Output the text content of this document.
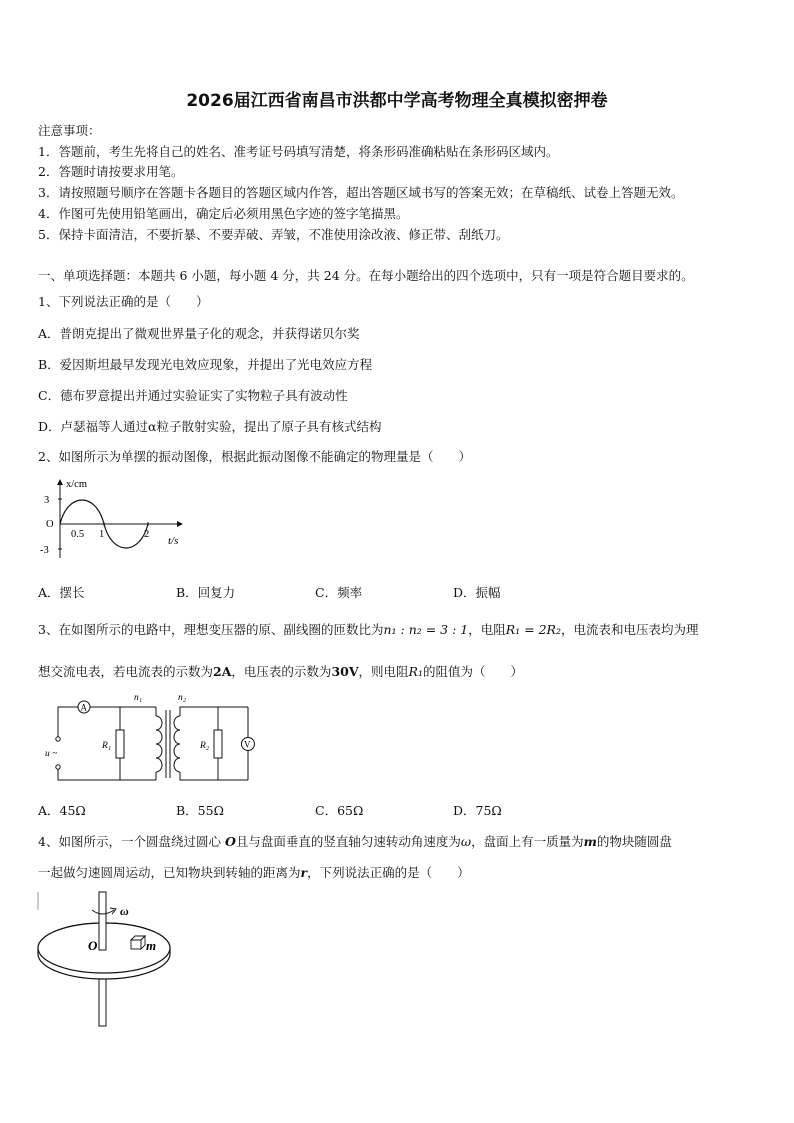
2026届江西省南昌市洪都中学高考物理全真模拟密押卷
注意事项：
1．答题前，考生先将自己的姓名、准考证号码填写清楚，将条形码准确粘贴在条形码区域内。
2．答题时请按要求用笔。
3．请按照题号顺序在答题卡各题目的答题区域内作答，超出答题区域书写的答案无效；在草稿纸、试卷上答题无效。
4．作图可先使用铅笔画出，确定后必须用黑色字迹的签字笔描黑。
5．保持卡面清洁，不要折暴、不要弄破、弄皱，不准使用涂改液、修正带、刮纸刀。
一、单项选择题：本题共 6 小题，每小题 4 分，共 24 分。在每小题给出的四个选项中，只有一项是符合题目要求的。
1、下列说法正确的是（　　）
A．普朗克提出了微观世界量子化的观念，并获得诺贝尔奖
B．爱因斯坦最早发现光电效应现象，并提出了光电效应方程
C．德布罗意提出并通过实验证实了实物粒子具有波动性
D．卢瑟福等人通过α粒子散射实验，提出了原子具有核式结构
2、如图所示为单摆的振动图像，根据此振动图像不能确定的物理量是（　　）
x/cm
3
O
-3
0.5 1	2
t/s
A．摆长	B．回复力	C．频率	D．振幅
3、在如图所示的电路中，理想变压器的原、副线圈的匝数比为n₁ : n₂ = 3 : 1，电阻R₁ = 2R₂，电流表和电压表均为理
想交流电表，若电流表的示数为2A，电压表的示数为30V，则电阻R₁的阻值为（　　）
A
V
n₁	n₂
R₁	R₂
u ~
A．45Ω	B．55Ω	C．65Ω	D．75Ω
4、如图所示，一个圆盘绕过圆心 O且与盘面垂直的竖直轴匀速转动角速度为ω，盘面上有一质量为m的物块随圆盘
一起做匀速圆周运动，已知物块到转轴的距离为r，下列说法正确的是（　　）
ω
O	m
